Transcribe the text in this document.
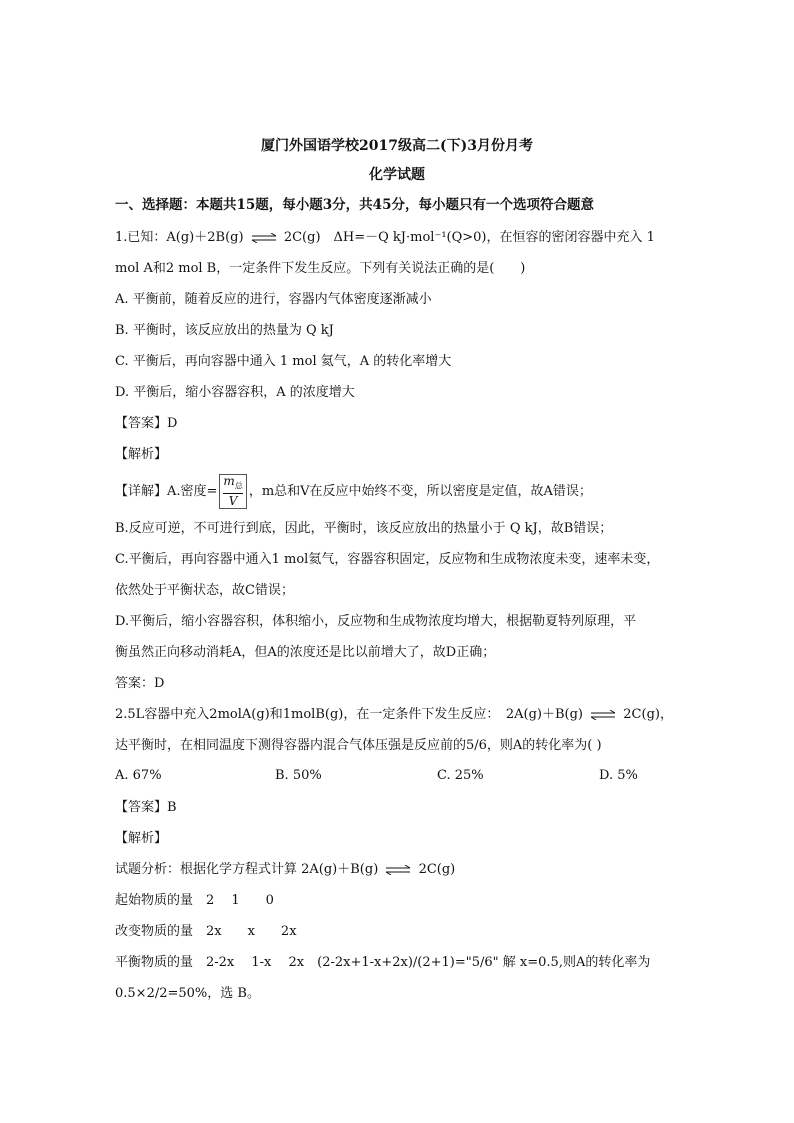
厦门外国语学校2017级高二(下)3月份月考
化学试题
一、选择题：本题共15题，每小题3分，共45分，每小题只有一个选项符合题意
1.已知：A(g)＋2B(g) ⇌ 2C(g)　ΔH=－Q kJ·mol⁻¹(Q>0)，在恒容的密闭容器中充入 1
mol A和2 mol B，一定条件下发生反应。下列有关说法正确的是(　　)
A. 平衡前，随着反应的进行，容器内气体密度逐渐减小
B. 平衡时，该反应放出的热量为 Q kJ
C. 平衡后，再向容器中通入 1 mol 氦气，A 的转化率增大
D. 平衡后，缩小容器容积，A 的浓度增大
【答案】D
【解析】
【详解】A.密度= $\frac{m_总}{V}$ ，m总和V在反应中始终不变，所以密度是定值，故A错误；
B.反应可逆，不可进行到底，因此，平衡时，该反应放出的热量小于 Q kJ，故B错误；
C.平衡后，再向容器中通入1 mol氦气，容器容积固定，反应物和生成物浓度未变，速率未变，
依然处于平衡状态，故C错误；
D.平衡后，缩小容器容积，体积缩小，反应物和生成物浓度均增大，根据勒夏特列原理，平
衡虽然正向移动消耗A，但A的浓度还是比以前增大了，故D正确；
答案：D
2.5L容器中充入2molA(g)和1molB(g)，在一定条件下发生反应：　2A(g)＋B(g) ⇌ 2C(g)，
达平衡时，在相同温度下测得容器内混合气体压强是反应前的5/6，则A的转化率为( )
A. 67%	B. 50%	C. 25%	D. 5%
【答案】B
【解析】
试题分析：根据化学方程式计算 2A(g)＋B(g) ⇌ 2C(g)
起始物质的量　2　 1　　0
改变物质的量　2x　　x　　2x
平衡物质的量　2-2x　 1-x　 2x　(2-2x+1-x+2x)/(2+1)="5/6" 解 x=0.5,则A的转化率为
0.5×2/2=50%，选 B。
